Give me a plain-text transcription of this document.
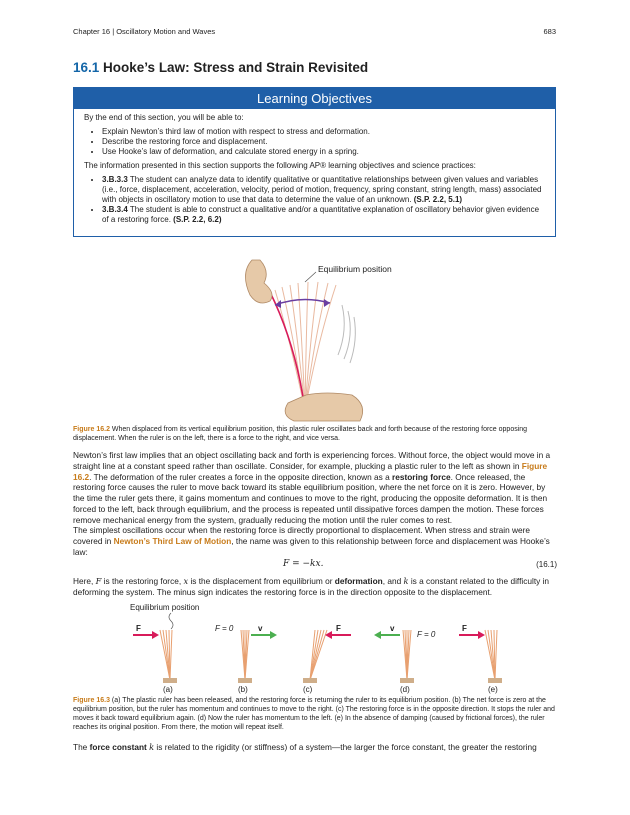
Chapter 16 | Oscillatory Motion and Waves	683
16.1 Hooke’s Law: Stress and Strain Revisited
Learning Objectives

By the end of this section, you will be able to:

• Explain Newton’s third law of motion with respect to stress and deformation.
• Describe the restoring force and displacement.
• Use Hooke’s law of deformation, and calculate stored energy in a spring.

The information presented in this section supports the following AP® learning objectives and science practices:

• 3.B.3.3 The student can analyze data to identify qualitative or quantitative relationships between given values and variables (i.e., force, displacement, acceleration, velocity, period of motion, frequency, spring constant, string length, mass) associated with objects in oscillatory motion to use that data to determine the value of an unknown. (S.P. 2.2, 5.1)
• 3.B.3.4 The student is able to construct a qualitative and/or a quantitative explanation of oscillatory behavior given evidence of a restoring force. (S.P. 2.2, 6.2)
Equilibrium position
Figure 16.2 When displaced from its vertical equilibrium position, this plastic ruler oscillates back and forth because of the restoring force opposing displacement. When the ruler is on the left, there is a force to the right, and vice versa.

Newton’s first law implies that an object oscillating back and forth is experiencing forces. Without force, the object would move in a straight line at a constant speed rather than oscillate. Consider, for example, plucking a plastic ruler to the left as shown in Figure 16.2. The deformation of the ruler creates a force in the opposite direction, known as a restoring force. Once released, the restoring force causes the ruler to move back toward its stable equilibrium position, where the net force on it is zero. However, by the time the ruler gets there, it gains momentum and continues to move to the right, producing the opposite deformation. It is then forced to the left, back through equilibrium, and the process is repeated until dissipative forces dampen the motion. These forces remove mechanical energy from the system, gradually reducing the motion until the ruler comes to rest.

The simplest oscillations occur when the restoring force is directly proportional to displacement. When stress and strain were covered in Newton’s Third Law of Motion, the name was given to this relationship between force and displacement was Hooke’s law:

F = −kx.	(16.1)

Here, F is the restoring force, x is the displacement from equilibrium or deformation, and k is a constant related to the difficulty in deforming the system. The minus sign indicates the restoring force is in the direction opposite to the displacement.

Equilibrium position
F
(a)
F = 0	v
(b)
F
(c)
v
F = 0
(d)
F
(e)
Figure 16.3 (a) The plastic ruler has been released, and the restoring force is returning the ruler to its equilibrium position. (b) The net force is zero at the equilibrium position, but the ruler has momentum and continues to move to the right. (c) The restoring force is in the opposite direction. It stops the ruler and moves it back toward equilibrium again. (d) Now the ruler has momentum to the left. (e) In the absence of damping (caused by frictional forces), the ruler reaches its original position. From there, the motion will repeat itself.

The force constant k is related to the rigidity (or stiffness) of a system—the larger the force constant, the greater the restoring
